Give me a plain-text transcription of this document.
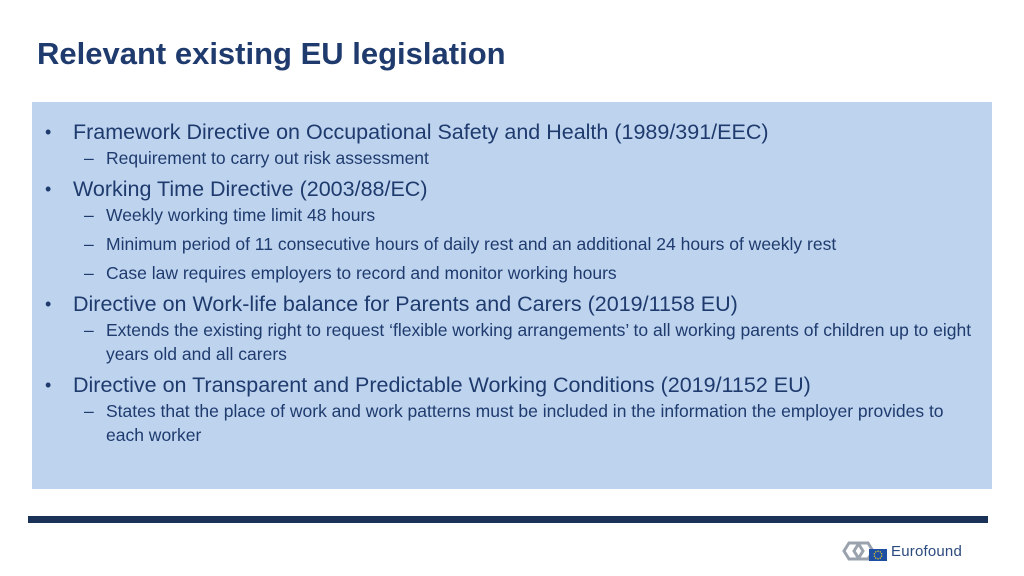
Relevant existing EU legislation
• Framework Directive on Occupational Safety and Health (1989/391/EEC)
– Requirement to carry out risk assessment
• Working Time Directive (2003/88/EC)
– Weekly working time limit 48 hours
– Minimum period of 11 consecutive hours of daily rest and an additional 24 hours of weekly rest
– Case law requires employers to record and monitor working hours
• Directive on Work-life balance for Parents and Carers (2019/1158 EU)
– Extends the existing right to request ‘flexible working arrangements’ to all working parents of children up to eight years old and all carers
• Directive on Transparent and Predictable Working Conditions (2019/1152 EU)
– States that the place of work and work patterns must be included in the information the employer provides to each worker
Eurofound
